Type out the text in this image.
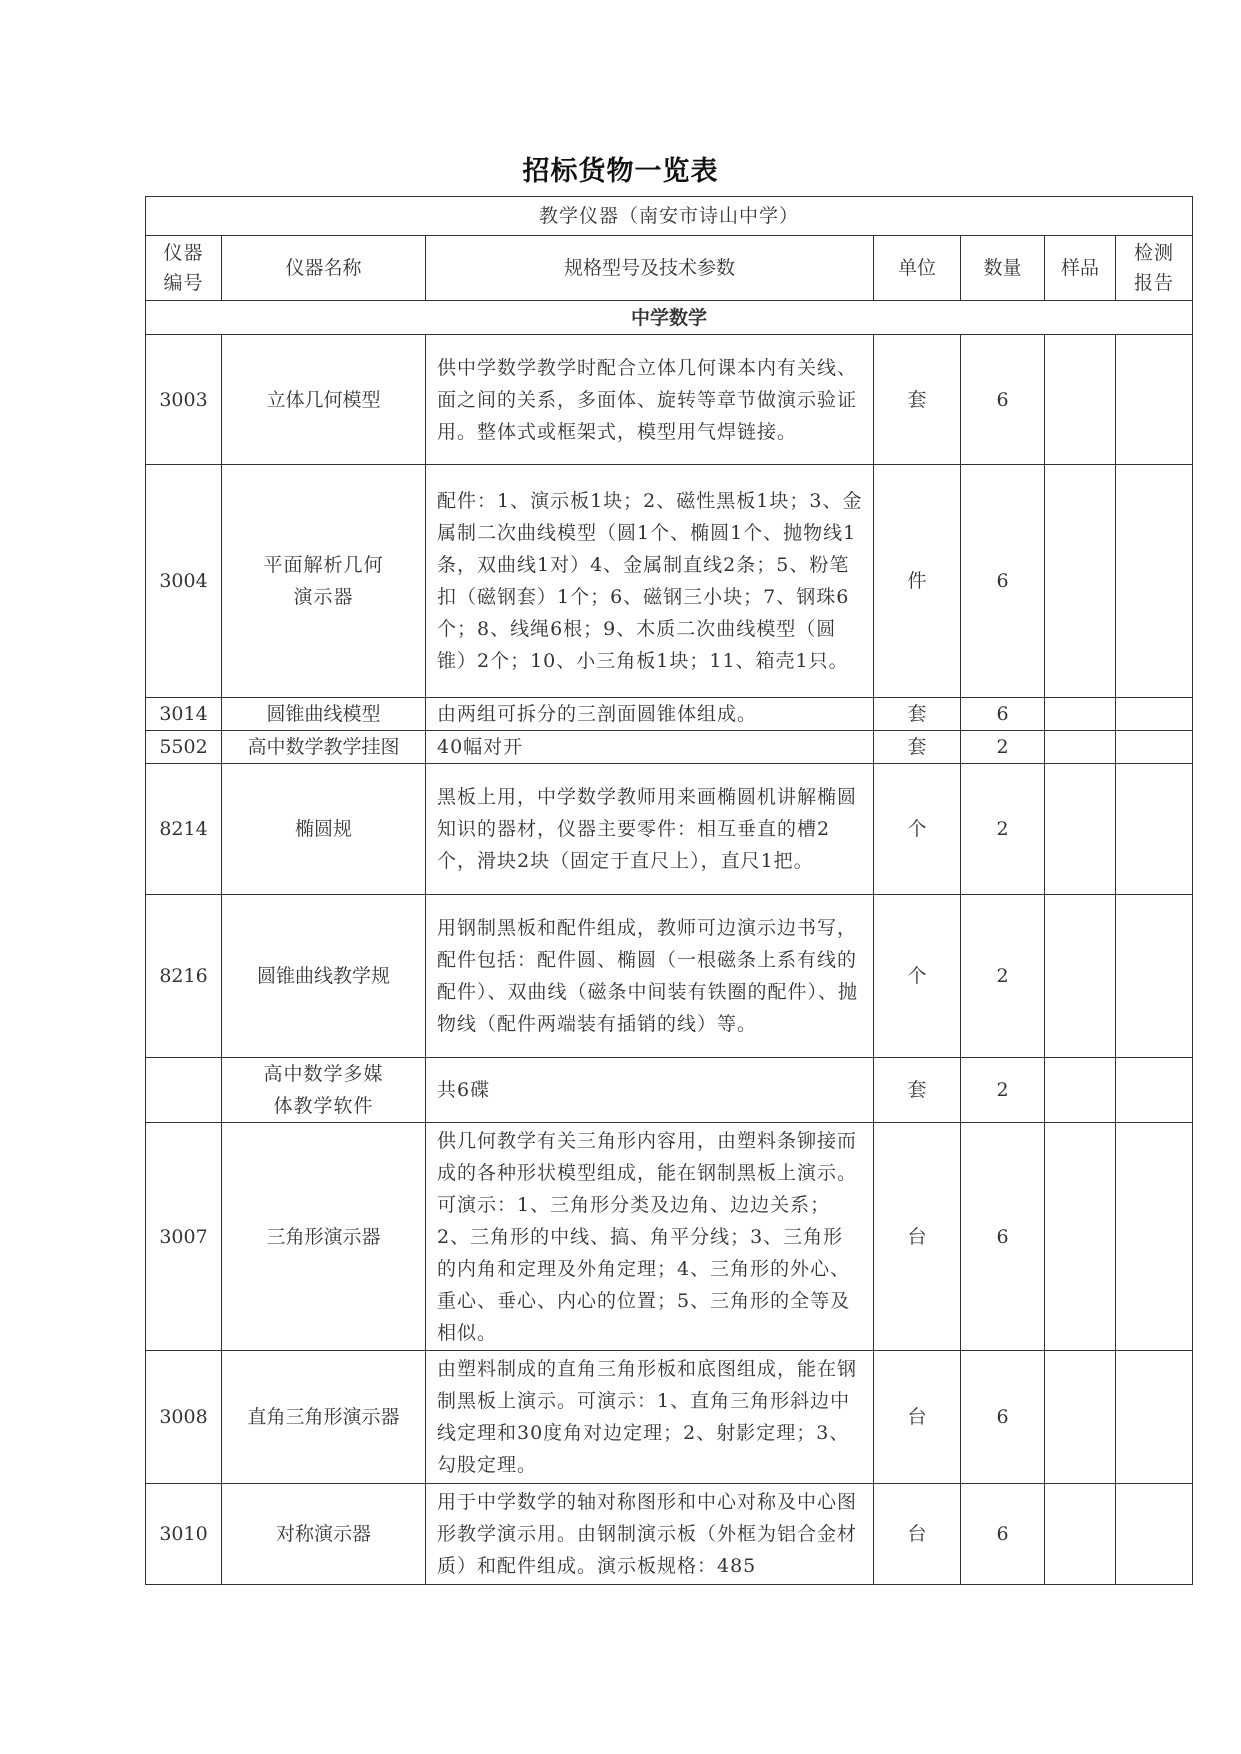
招标货物一览表
教学仪器（南安市诗山中学）						
仪器编号	仪器名称	规格型号及技术参数	单位	数量	样品	检测报告
中学数学						
3003	立体几何模型	供中学数学教学时配合立体几何课本内有关线、面之间的关系，多面体、旋转等章节做演示验证用。整体式或框架式，模型用气焊链接。	套	6		
3004	平面解析几何演示器	配件：1、演示板1块；2、磁性黑板1块；3、金属制二次曲线模型（圆1个、椭圆1个、抛物线1条，双曲线1对）4、金属制直线2条；5、粉笔扣（磁钢套）1个；6、磁钢三小块；7、钢珠6个；8、线绳6根；9、木质二次曲线模型（圆锥）2个；10、小三角板1块；11、箱壳1只。	件	6		
3014	圆锥曲线模型	由两组可拆分的三剖面圆锥体组成。	套	6		
5502	高中数学教学挂图	40幅对开	套	2		
8214	椭圆规	黑板上用，中学数学教师用来画椭圆机讲解椭圆知识的器材，仪器主要零件：相互垂直的槽2个，滑块2块（固定于直尺上），直尺1把。	个	2		
8216	圆锥曲线教学规	用钢制黑板和配件组成，教师可边演示边书写，配件包括：配件圆、椭圆（一根磁条上系有线的配件）、双曲线（磁条中间装有铁圈的配件）、抛物线（配件两端装有插销的线）等。	个	2		
	高中数学多媒体教学软件	共6碟	套	2		
3007	三角形演示器	供几何教学有关三角形内容用，由塑料条铆接而成的各种形状模型组成，能在钢制黑板上演示。可演示：1、三角形分类及边角、边边关系；2、三角形的中线、搞、角平分线；3、三角形的内角和定理及外角定理；4、三角形的外心、重心、垂心、内心的位置；5、三角形的全等及相似。	台	6		
3008	直角三角形演示器	由塑料制成的直角三角形板和底图组成，能在钢制黑板上演示。可演示：1、直角三角形斜边中线定理和30度角对边定理；2、射影定理；3、勾股定理。	台	6		
3010	对称演示器	用于中学数学的轴对称图形和中心对称及中心图形教学演示用。由钢制演示板（外框为铝合金材质）和配件组成。演示板规格：485	台	6		
